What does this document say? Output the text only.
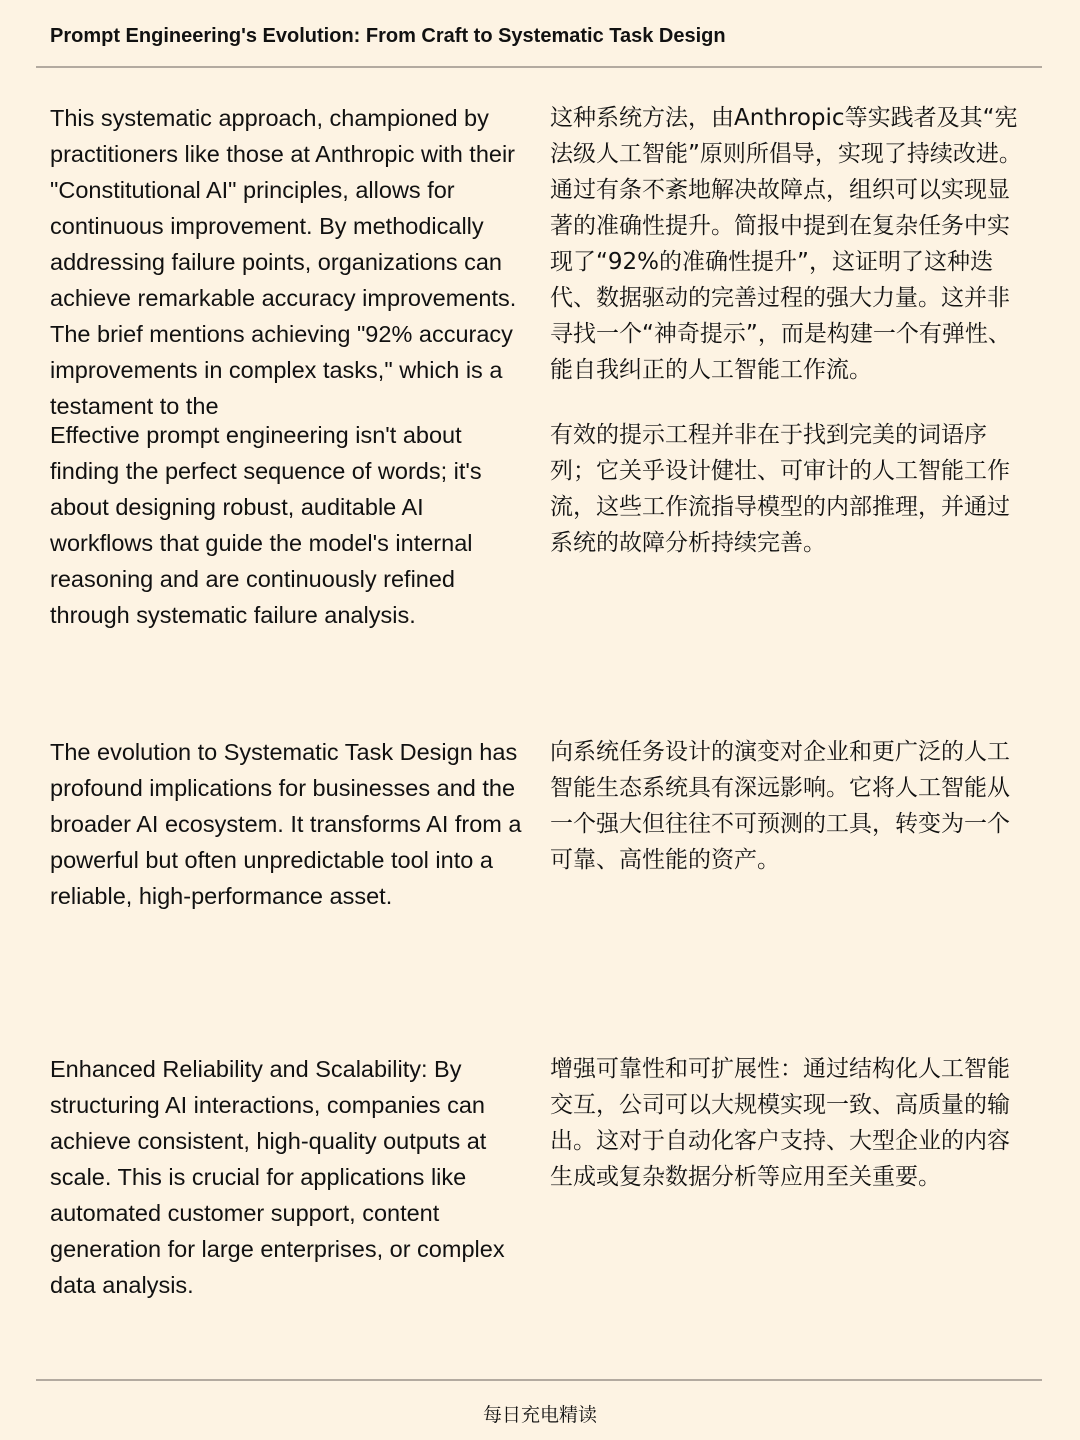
Prompt Engineering's Evolution: From Craft to Systematic Task Design

This systematic approach, championed by practitioners like those at Anthropic with their "Constitutional AI" principles, allows for continuous improvement. By methodically addressing failure points, organizations can achieve remarkable accuracy improvements. The brief mentions achieving "92% accuracy improvements in complex tasks," which is a testament to the

Effective prompt engineering isn't about finding the perfect sequence of words; it's about designing robust, auditable AI workflows that guide the model's internal reasoning and are continuously refined through systematic failure analysis.

这种系统方法，由Anthropic等实践者及其“宪法级人工智能”原则所倡导，实现了持续改进。通过有条不紊地解决故障点，组织可以实现显著的准确性提升。简报中提到在复杂任务中实现了“92%的准确性提升”，这证明了这种迭代、数据驱动的完善过程的强大力量。这并非寻找一个“神奇提示”，而是构建一个有弹性、能自我纠正的人工智能工作流。

有效的提示工程并非在于找到完美的词语序列；它关乎设计健壮、可审计的人工智能工作流，这些工作流指导模型的内部推理，并通过系统的故障分析持续完善。

The evolution to Systematic Task Design has profound implications for businesses and the broader AI ecosystem. It transforms AI from a powerful but often unpredictable tool into a reliable, high-performance asset.

向系统任务设计的演变对企业和更广泛的人工智能生态系统具有深远影响。它将人工智能从一个强大但往往不可预测的工具，转变为一个可靠、高性能的资产。

Enhanced Reliability and Scalability: By structuring AI interactions, companies can achieve consistent, high-quality outputs at scale. This is crucial for applications like automated customer support, content generation for large enterprises, or complex data analysis.

增强可靠性和可扩展性：通过结构化人工智能交互，公司可以大规模实现一致、高质量的输出。这对于自动化客户支持、大型企业的内容生成或复杂数据分析等应用至关重要。

每日充电精读
